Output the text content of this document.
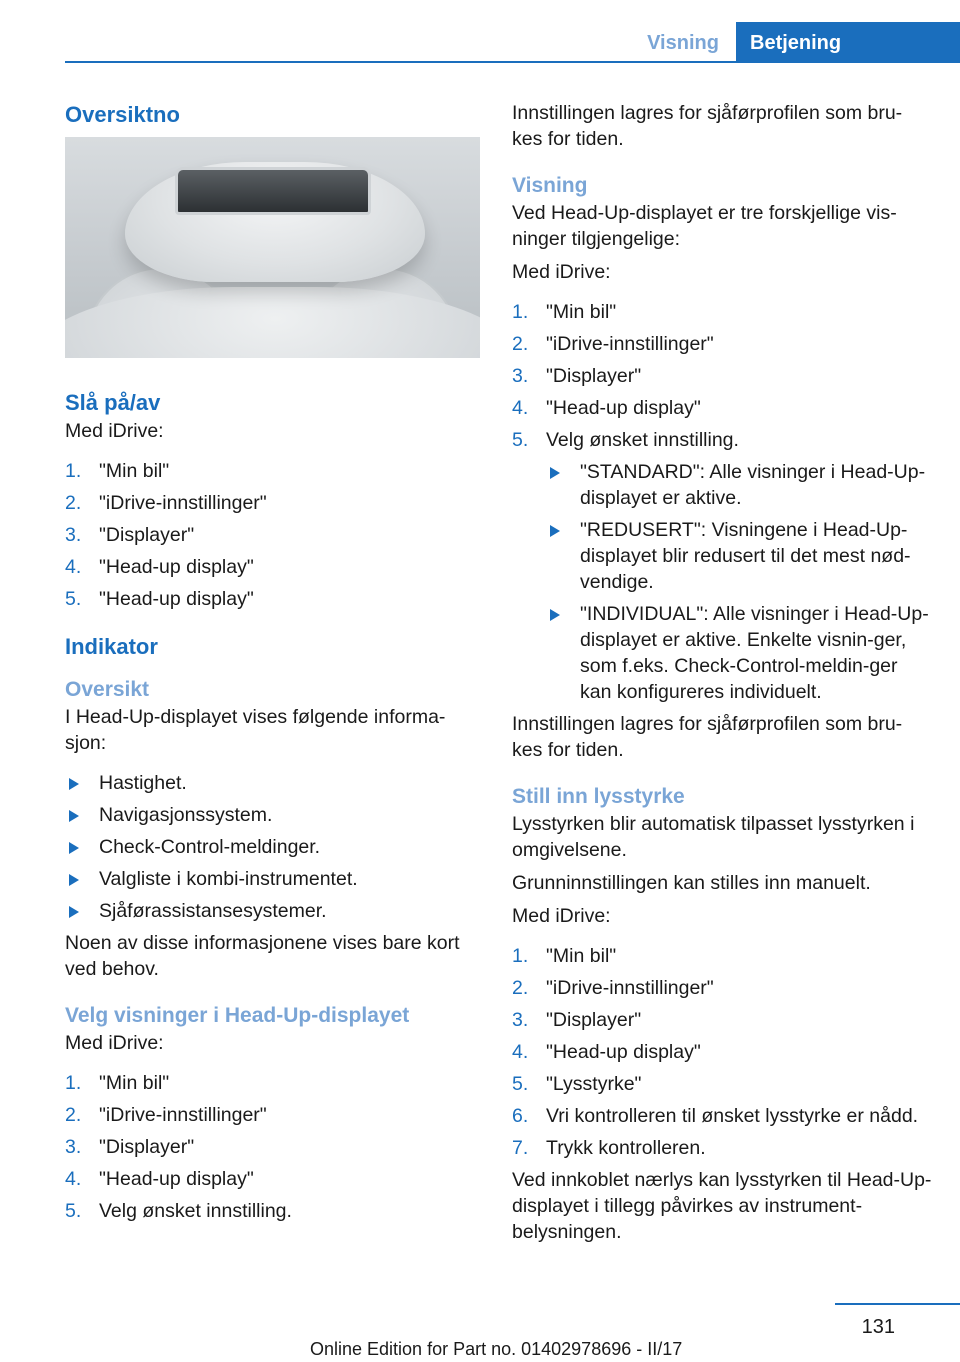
Visning	Betjening
Oversiktno
Slå på/av

Med iDrive:

1. "Min bil"
2. "iDrive-innstillinger"
3. "Displayer"
4. "Head-up display"
5. "Head-up display"
Indikator
Oversikt

I Head-Up-displayet vises følgende informa‐sjon:

Hastighet.
Navigasjonssystem.
Check-Control-meldinger.
Valgliste i kombi-instrumentet.
Sjåførassistansesystemer.

Noen av disse informasjonene vises bare kort ved behov.

Velg visninger i Head-Up-displayet

Med iDrive:

1. "Min bil"
2. "iDrive-innstillinger"
3. "Displayer"
4. "Head-up display"
5. Velg ønsket innstilling.

Innstillingen lagres for sjåførprofilen som bru‐kes for tiden.

Visning

Ved Head-Up-displayet er tre forskjellige vis‐ninger tilgjengelige:

Med iDrive:

1. "Min bil"
2. "iDrive-innstillinger"
3. "Displayer"
4. "Head-up display"
5. Velg ønsket innstilling.
"STANDARD": Alle visninger i Head-Up-displayet er aktive.
"REDUSERT": Visningene i Head-Up-displayet blir redusert til det mest nød‐vendige.
"INDIVIDUAL": Alle visninger i Head-Up-displayet er aktive. Enkelte visnin‐ger, som f.eks. Check-Control-meldin‐ger kan konfigureres individuelt.

Innstillingen lagres for sjåførprofilen som bru‐kes for tiden.

Still inn lysstyrke

Lysstyrken blir automatisk tilpasset lysstyrken i omgivelsene.

Grunninnstillingen kan stilles inn manuelt.

Med iDrive:

1. "Min bil"
2. "iDrive-innstillinger"
3. "Displayer"
4. "Head-up display"
5. "Lysstyrke"
6. Vri kontrolleren til ønsket lysstyrke er nådd.
7. Trykk kontrolleren.

Ved innkoblet nærlys kan lysstyrken til Head-Up-displayet i tillegg påvirkes av instrument‐belysningen.

131
Online Edition for Part no. 01402978696 - II/17
